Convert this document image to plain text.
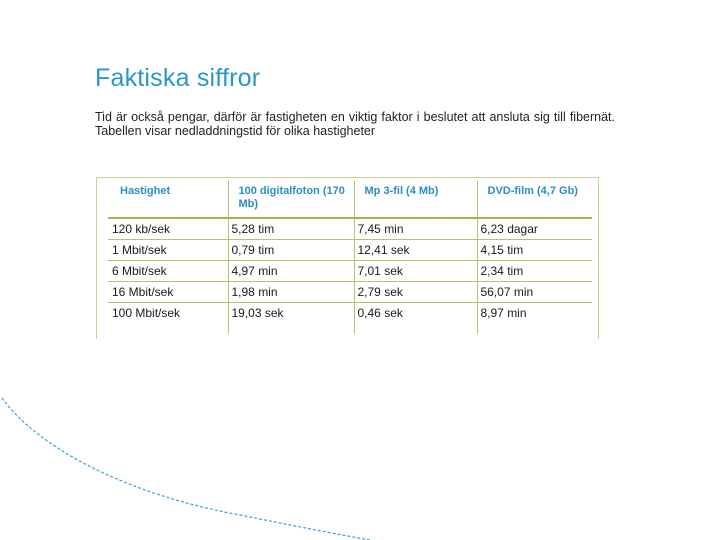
Faktiska siffror
Tid är också pengar, därför är fastigheten en viktig faktor i beslutet att ansluta sig till fibernät. Tabellen visar nedladdningstid för olika hastigheter
Hastighet	100 digitalfoton (170 Mb)	Mp 3-fil (4 Mb)	DVD-film (4,7 Gb)
120 kb/sek	5,28 tim	7,45 min	6,23 dagar
1 Mbit/sek	0,79 tim	12,41 sek	4,15 tim
6 Mbit/sek	4,97 min	7,01 sek	2,34 tim
16 Mbit/sek	1,98 min	2,79 sek	56,07 min
100 Mbit/sek	19,03 sek	0,46 sek	8,97 min
